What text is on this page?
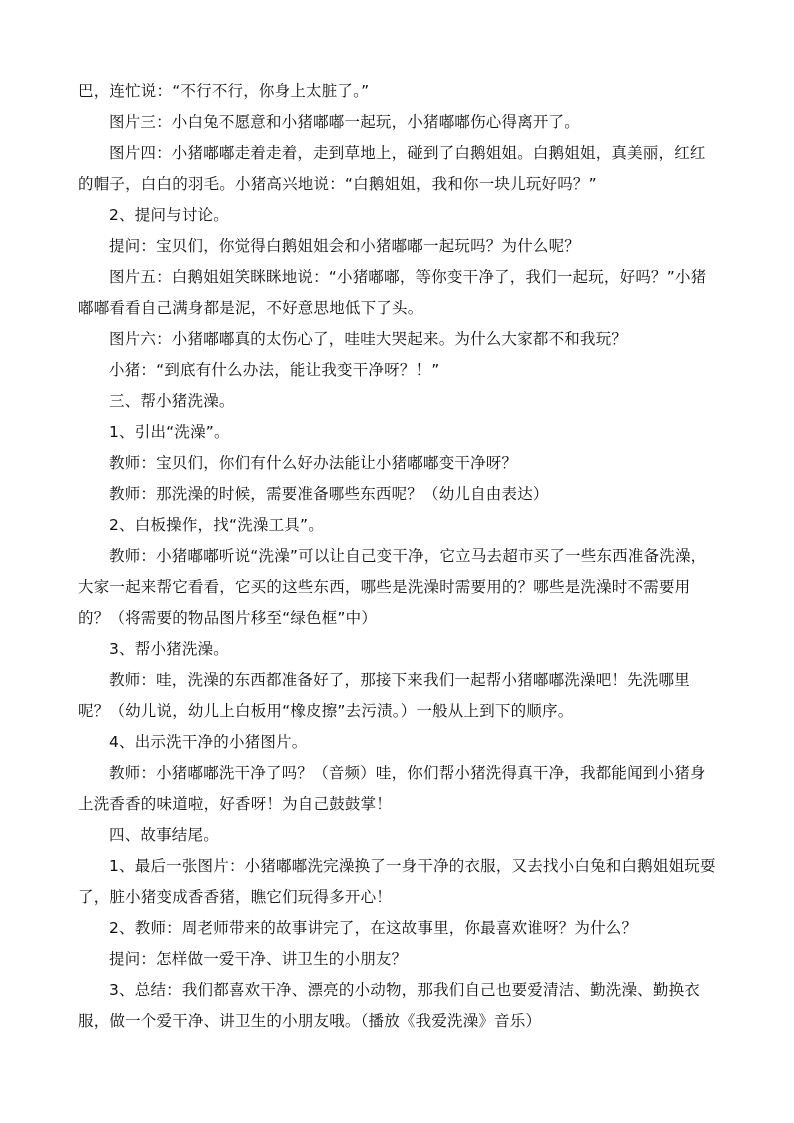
巴，连忙说：“不行不行，你身上太脏了。”

图片三：小白兔不愿意和小猪嘟嘟一起玩，小猪嘟嘟伤心得离开了。

图片四：小猪嘟嘟走着走着，走到草地上，碰到了白鹅姐姐。白鹅姐姐，真美丽，红红的帽子，白白的羽毛。小猪高兴地说：“白鹅姐姐，我和你一块儿玩好吗？”

2、提问与讨论。

提问：宝贝们，你觉得白鹅姐姐会和小猪嘟嘟一起玩吗？为什么呢？

图片五：白鹅姐姐笑眯眯地说：“小猪嘟嘟，等你变干净了，我们一起玩，好吗？”小猪嘟嘟看看自己满身都是泥，不好意思地低下了头。

图片六：小猪嘟嘟真的太伤心了，哇哇大哭起来。为什么大家都不和我玩？

小猪：“到底有什么办法，能让我变干净呀？！”

三、帮小猪洗澡。

1、引出“洗澡”。

教师：宝贝们，你们有什么好办法能让小猪嘟嘟变干净呀？

教师：那洗澡的时候，需要准备哪些东西呢？（幼儿自由表达）

2、白板操作，找“洗澡工具”。

教师：小猪嘟嘟听说“洗澡”可以让自己变干净，它立马去超市买了一些东西准备洗澡，大家一起来帮它看看，它买的这些东西，哪些是洗澡时需要用的？哪些是洗澡时不需要用的？（将需要的物品图片移至“绿色框”中）

3、帮小猪洗澡。

教师：哇，洗澡的东西都准备好了，那接下来我们一起帮小猪嘟嘟洗澡吧！先洗哪里呢？（幼儿说，幼儿上白板用“橡皮擦”去污渍。）一般从上到下的顺序。

4、出示洗干净的小猪图片。

教师：小猪嘟嘟洗干净了吗？（音频）哇，你们帮小猪洗得真干净，我都能闻到小猪身上洗香香的味道啦，好香呀！为自己鼓鼓掌！

四、故事结尾。

1、最后一张图片：小猪嘟嘟洗完澡换了一身干净的衣服，又去找小白兔和白鹅姐姐玩耍了，脏小猪变成香香猪，瞧它们玩得多开心！

2、教师：周老师带来的故事讲完了，在这故事里，你最喜欢谁呀？为什么？

提问：怎样做一爱干净、讲卫生的小朋友？

3、总结：我们都喜欢干净、漂亮的小动物，那我们自己也要爱清洁、勤洗澡、勤换衣服，做一个爱干净、讲卫生的小朋友哦。（播放《我爱洗澡》音乐）
